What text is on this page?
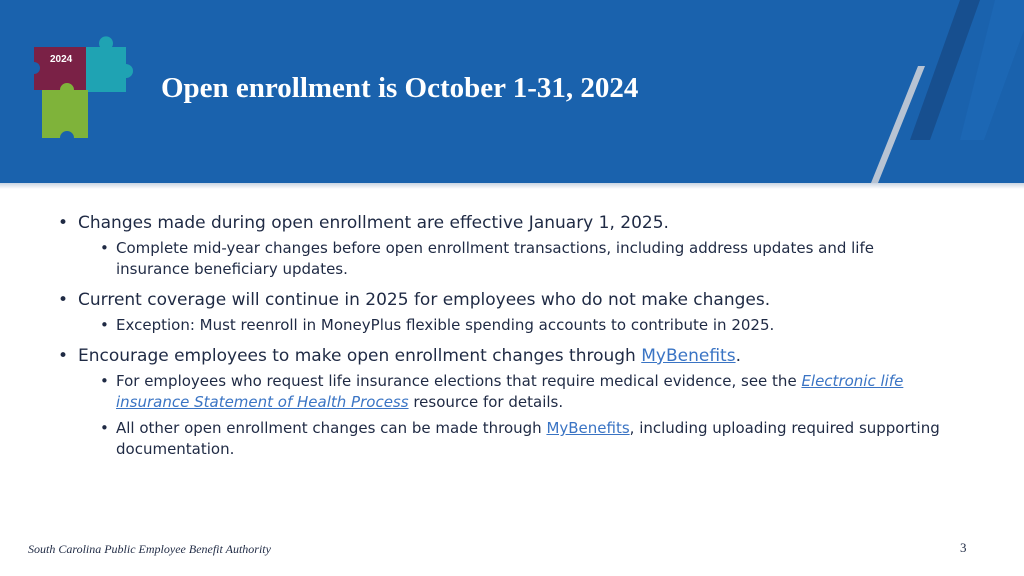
2024
Open enrollment is October 1-31, 2024
• Changes made during open enrollment are effective January 1, 2025.
• Complete mid-year changes before open enrollment transactions, including address updates and life insurance beneficiary updates.
• Current coverage will continue in 2025 for employees who do not make changes.
• Exception: Must reenroll in MoneyPlus flexible spending accounts to contribute in 2025.
• Encourage employees to make open enrollment changes through MyBenefits.
• For employees who request life insurance elections that require medical evidence, see the Electronic life insurance Statement of Health Process resource for details.
• All other open enrollment changes can be made through MyBenefits, including uploading required supporting documentation.

South Carolina Public Employee Benefit Authority	3
